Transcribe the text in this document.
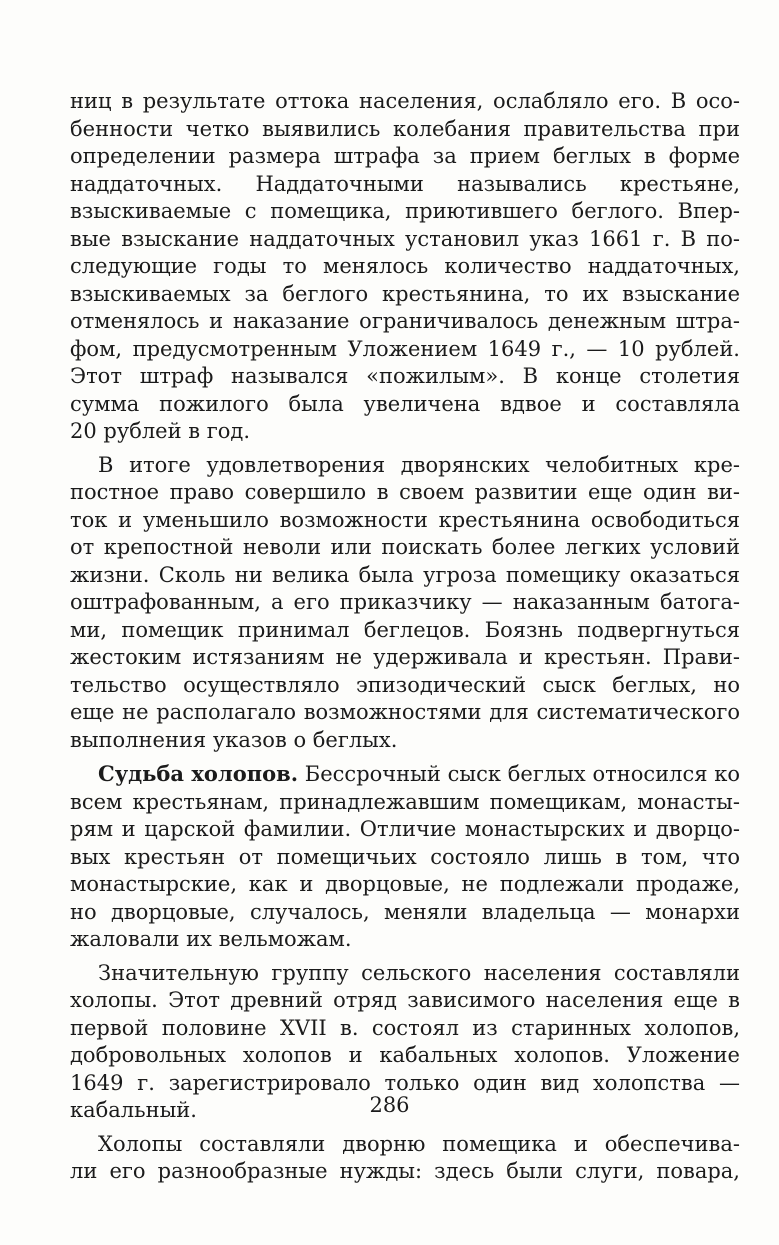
ниц в результате оттока населения, ослабляло его. В осо-
бенности четко выявились колебания правительства при
определении размера штрафа за прием беглых в форме
наддаточных. Наддаточными назывались крестьяне,
взыскиваемые с помещика, приютившего беглого. Впер-
вые взыскание наддаточных установил указ 1661 г. В по-
следующие годы то менялось количество наддаточных,
взыскиваемых за беглого крестьянина, то их взыскание
отменялось и наказание ограничивалось денежным штра-
фом, предусмотренным Уложением 1649 г., — 10 рублей.
Этот штраф назывался «пожилым». В конце столетия
сумма пожилого была увеличена вдвое и составляла
20 рублей в год.
В итоге удовлетворения дворянских челобитных кре-
постное право совершило в своем развитии еще один ви-
ток и уменьшило возможности крестьянина освободиться
от крепостной неволи или поискать более легких условий
жизни. Сколь ни велика была угроза помещику оказаться
оштрафованным, а его приказчику — наказанным батога-
ми, помещик принимал беглецов. Боязнь подвергнуться
жестоким истязаниям не удерживала и крестьян. Прави-
тельство осуществляло эпизодический сыск беглых, но
еще не располагало возможностями для систематического
выполнения указов о беглых.
Судьба холопов. Бессрочный сыск беглых относился ко
всем крестьянам, принадлежавшим помещикам, монасты-
рям и царской фамилии. Отличие монастырских и дворцо-
вых крестьян от помещичьих состояло лишь в том, что
монастырские, как и дворцовые, не подлежали продаже,
но дворцовые, случалось, меняли владельца — монархи
жаловали их вельможам.
Значительную группу сельского населения составляли
холопы. Этот древний отряд зависимого населения еще в
первой половине XVII в. состоял из старинных холопов,
добровольных холопов и кабальных холопов. Уложение
1649 г. зарегистрировало только один вид холопства —
кабальный.
Холопы составляли дворню помещика и обеспечива-
ли его разнообразные нужды: здесь были слуги, повара,
286
